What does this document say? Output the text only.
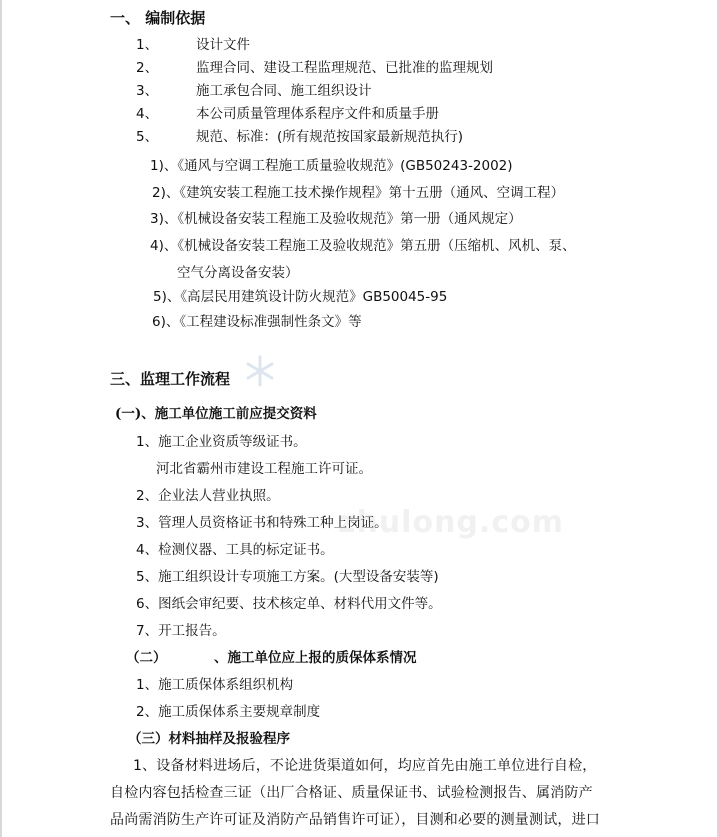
一、 编制依据
1、	设计文件
2、	监理合同、建设工程监理规范、已批准的监理规划
3、	施工承包合同、施工组织设计
4、	本公司质量管理体系程序文件和质量手册
5、	规范、标准：(所有规范按国家最新规范执行)
1)、《通风与空调工程施工质量验收规范》(GB50243-2002)
2)、《建筑安装工程施工技术操作规程》第十五册（通风、空调工程）
3)、《机械设备安装工程施工及验收规范》第一册（通风规定）
4)、《机械设备安装工程施工及验收规范》第五册（压缩机、风机、泵、
空气分离设备安装）
5)、《高层民用建筑设计防火规范》GB50045-95
6)、《工程建设标准强制性条文》等
三、监理工作流程
(一)、施工单位施工前应提交资料
1、施工企业资质等级证书。
河北省霸州市建设工程施工许可证。
2、企业法人营业执照。
3、管理人员资格证书和特殊工种上岗证。
4、检测仪器、工具的标定证书。
5、施工组织设计专项施工方案。(大型设备安装等)
6、图纸会审纪要、技术核定单、材料代用文件等。
7、开工报告。
zhulong.com
（二）	、施工单位应上报的质保体系情况
1、施工质保体系组织机构
2、施工质保体系主要规章制度
（三）材料抽样及报验程序
1、设备材料进场后，不论进货渠道如何，均应首先由施工单位进行自检，
自检内容包括检查三证（出厂合格证、质量保证书、试验检测报告、属消防产
品尚需消防生产许可证及消防产品销售许可证），目测和必要的测量测试，进口
